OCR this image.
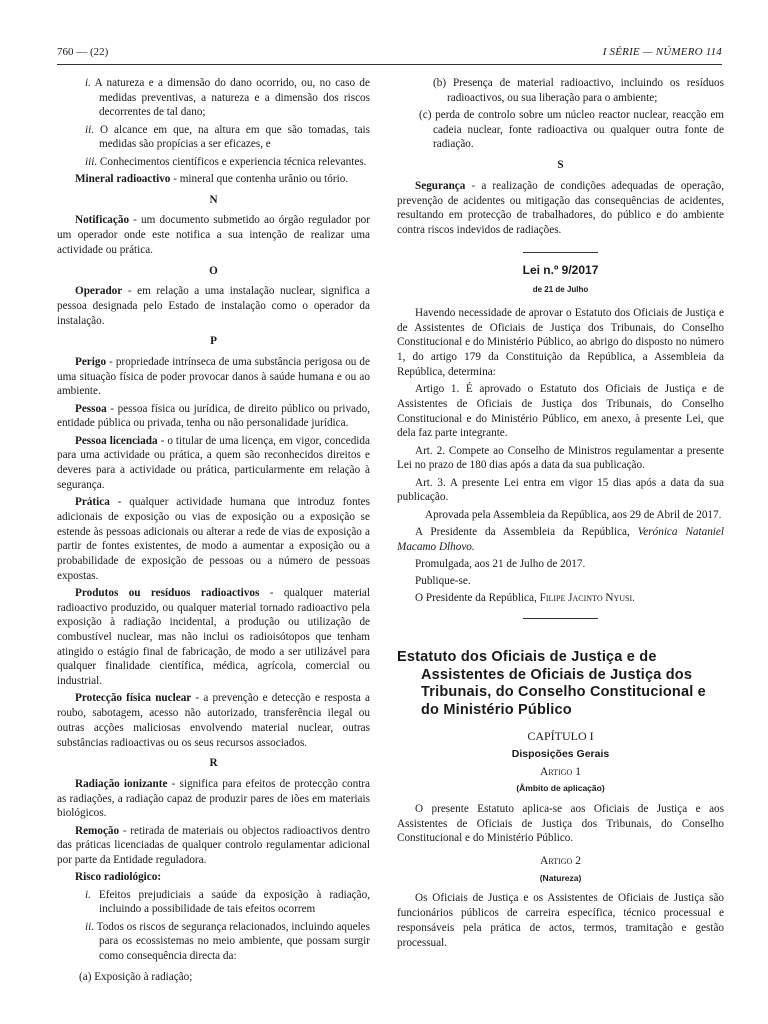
760 — (22)	I SÉRIE — NÚMERO 114

i. A natureza e a dimensão do dano ocorrido, ou, no caso de medidas preventivas, a natureza e a dimensão dos riscos decorrentes de tal dano;

ii. O alcance em que, na altura em que são tomadas, tais medidas são propícias a ser eficazes, e

iii. Conhecimentos científicos e experiencia técnica relevantes.

Mineral radioactivo - mineral que contenha urânio ou tório.

N

Notificação - um documento submetido ao órgão regulador por um operador onde este notifica a sua intenção de realizar uma actividade ou prática.

O

Operador - em relação a uma instalação nuclear, significa a pessoa designada pelo Estado de instalação como o operador da instalação.

P

Perigo - propriedade intrínseca de uma substância perigosa ou de uma situação física de poder provocar danos à saúde humana e ou ao ambiente.

Pessoa - pessoa física ou jurídica, de direito público ou privado, entidade pública ou privada, tenha ou não personalidade jurídica.

Pessoa licenciada - o titular de uma licença, em vigor, concedida para uma actividade ou prática, a quem são reconhecidos direitos e deveres para a actividade ou prática, particularmente em relação à segurança.

Prática - qualquer actividade humana que introduz fontes adicionais de exposição ou vias de exposição ou a exposição se estende às pessoas adicionais ou alterar a rede de vias de exposição a partir de fontes existentes, de modo a aumentar a exposição ou a probabilidade de exposição de pessoas ou a número de pessoas expostas.

Produtos ou resíduos radioactivos - qualquer material radioactivo produzido, ou qualquer material tornado radioactivo pela exposição à radiação incidental, a produção ou utilização de combustível nuclear, mas não inclui os radioisótopos que tenham atingido o estágio final de fabricação, de modo a ser utilizável para qualquer finalidade científica, médica, agrícola, comercial ou industrial.

Protecção física nuclear - a prevenção e detecção e resposta a roubo, sabotagem, acesso não autorizado, transferência ilegal ou outras acções maliciosas envolvendo material nuclear, outras substâncias radioactivas ou os seus recursos associados.

R

Radiação ionizante - significa para efeitos de protecção contra as radiações, a radiação capaz de produzir pares de iões em materiais biológicos.

Remoção - retirada de materiais ou objectos radioactivos dentro das práticas licenciadas de qualquer controlo regulamentar adicional por parte da Entidade reguladora.

Risco radiológico:

i. Efeitos prejudiciais a saúde da exposição à radiação, incluindo a possibilidade de tais efeitos ocorrem

ii. Todos os riscos de segurança relacionados, incluindo aqueles para os ecossistemas no meio ambiente, que possam surgir como consequência directa da:

(a) Exposição à radiação;

(b) Presença de material radioactivo, incluindo os resíduos radioactivos, ou sua liberação para o ambiente;

(c) perda de controlo sobre um núcleo reactor nuclear, reacção em cadeia nuclear, fonte radioactiva ou qualquer outra fonte de radiação.

S

Segurança - a realização de condições adequadas de operação, prevenção de acidentes ou mitigação das consequências de acidentes, resultando em protecção de trabalhadores, do público e do ambiente contra riscos indevidos de radiações.

Lei n.º 9/2017

de 21 de Julho

Havendo necessidade de aprovar o Estatuto dos Oficiais de Justiça e de Assistentes de Oficiais de Justiça dos Tribunais, do Conselho Constitucional e do Ministério Público, ao abrigo do disposto no número 1, do artigo 179 da Constituição da República, a Assembleia da República, determina:

Artigo 1. É aprovado o Estatuto dos Oficiais de Justiça e de Assistentes de Oficiais de Justiça dos Tribunais, do Conselho Constitucional e do Ministério Público, em anexo, à presente Lei, que dela faz parte integrante.

Art. 2. Compete ao Conselho de Ministros regulamentar a presente Lei no prazo de 180 dias após a data da sua publicação.

Art. 3. A presente Lei entra em vigor 15 dias após a data da sua publicação.

Aprovada pela Assembleia da República, aos 29 de Abril de 2017.

A Presidente da Assembleia da República, Verónica Nataniel Macamo Dlhovo.

Promulgada, aos 21 de Julho de 2017.

Publique-se.

O Presidente da República, Filipe Jacinto Nyusi.

Estatuto dos Oficiais de Justiça e de Assistentes de Oficiais de Justiça dos Tribunais, do Conselho Constitucional e do Ministério Público

CAPÍTULO I

Disposições Gerais

Artigo 1

(Âmbito de aplicação)

O presente Estatuto aplica-se aos Oficiais de Justiça e aos Assistentes de Oficiais de Justiça dos Tribunais, do Conselho Constitucional e do Ministério Público.

Artigo 2

(Natureza)

Os Oficiais de Justiça e os Assistentes de Oficiais de Justiça são funcionários públicos de carreira específica, técnico processual e responsáveis pela prática de actos, termos, tramitação e gestão processual.
